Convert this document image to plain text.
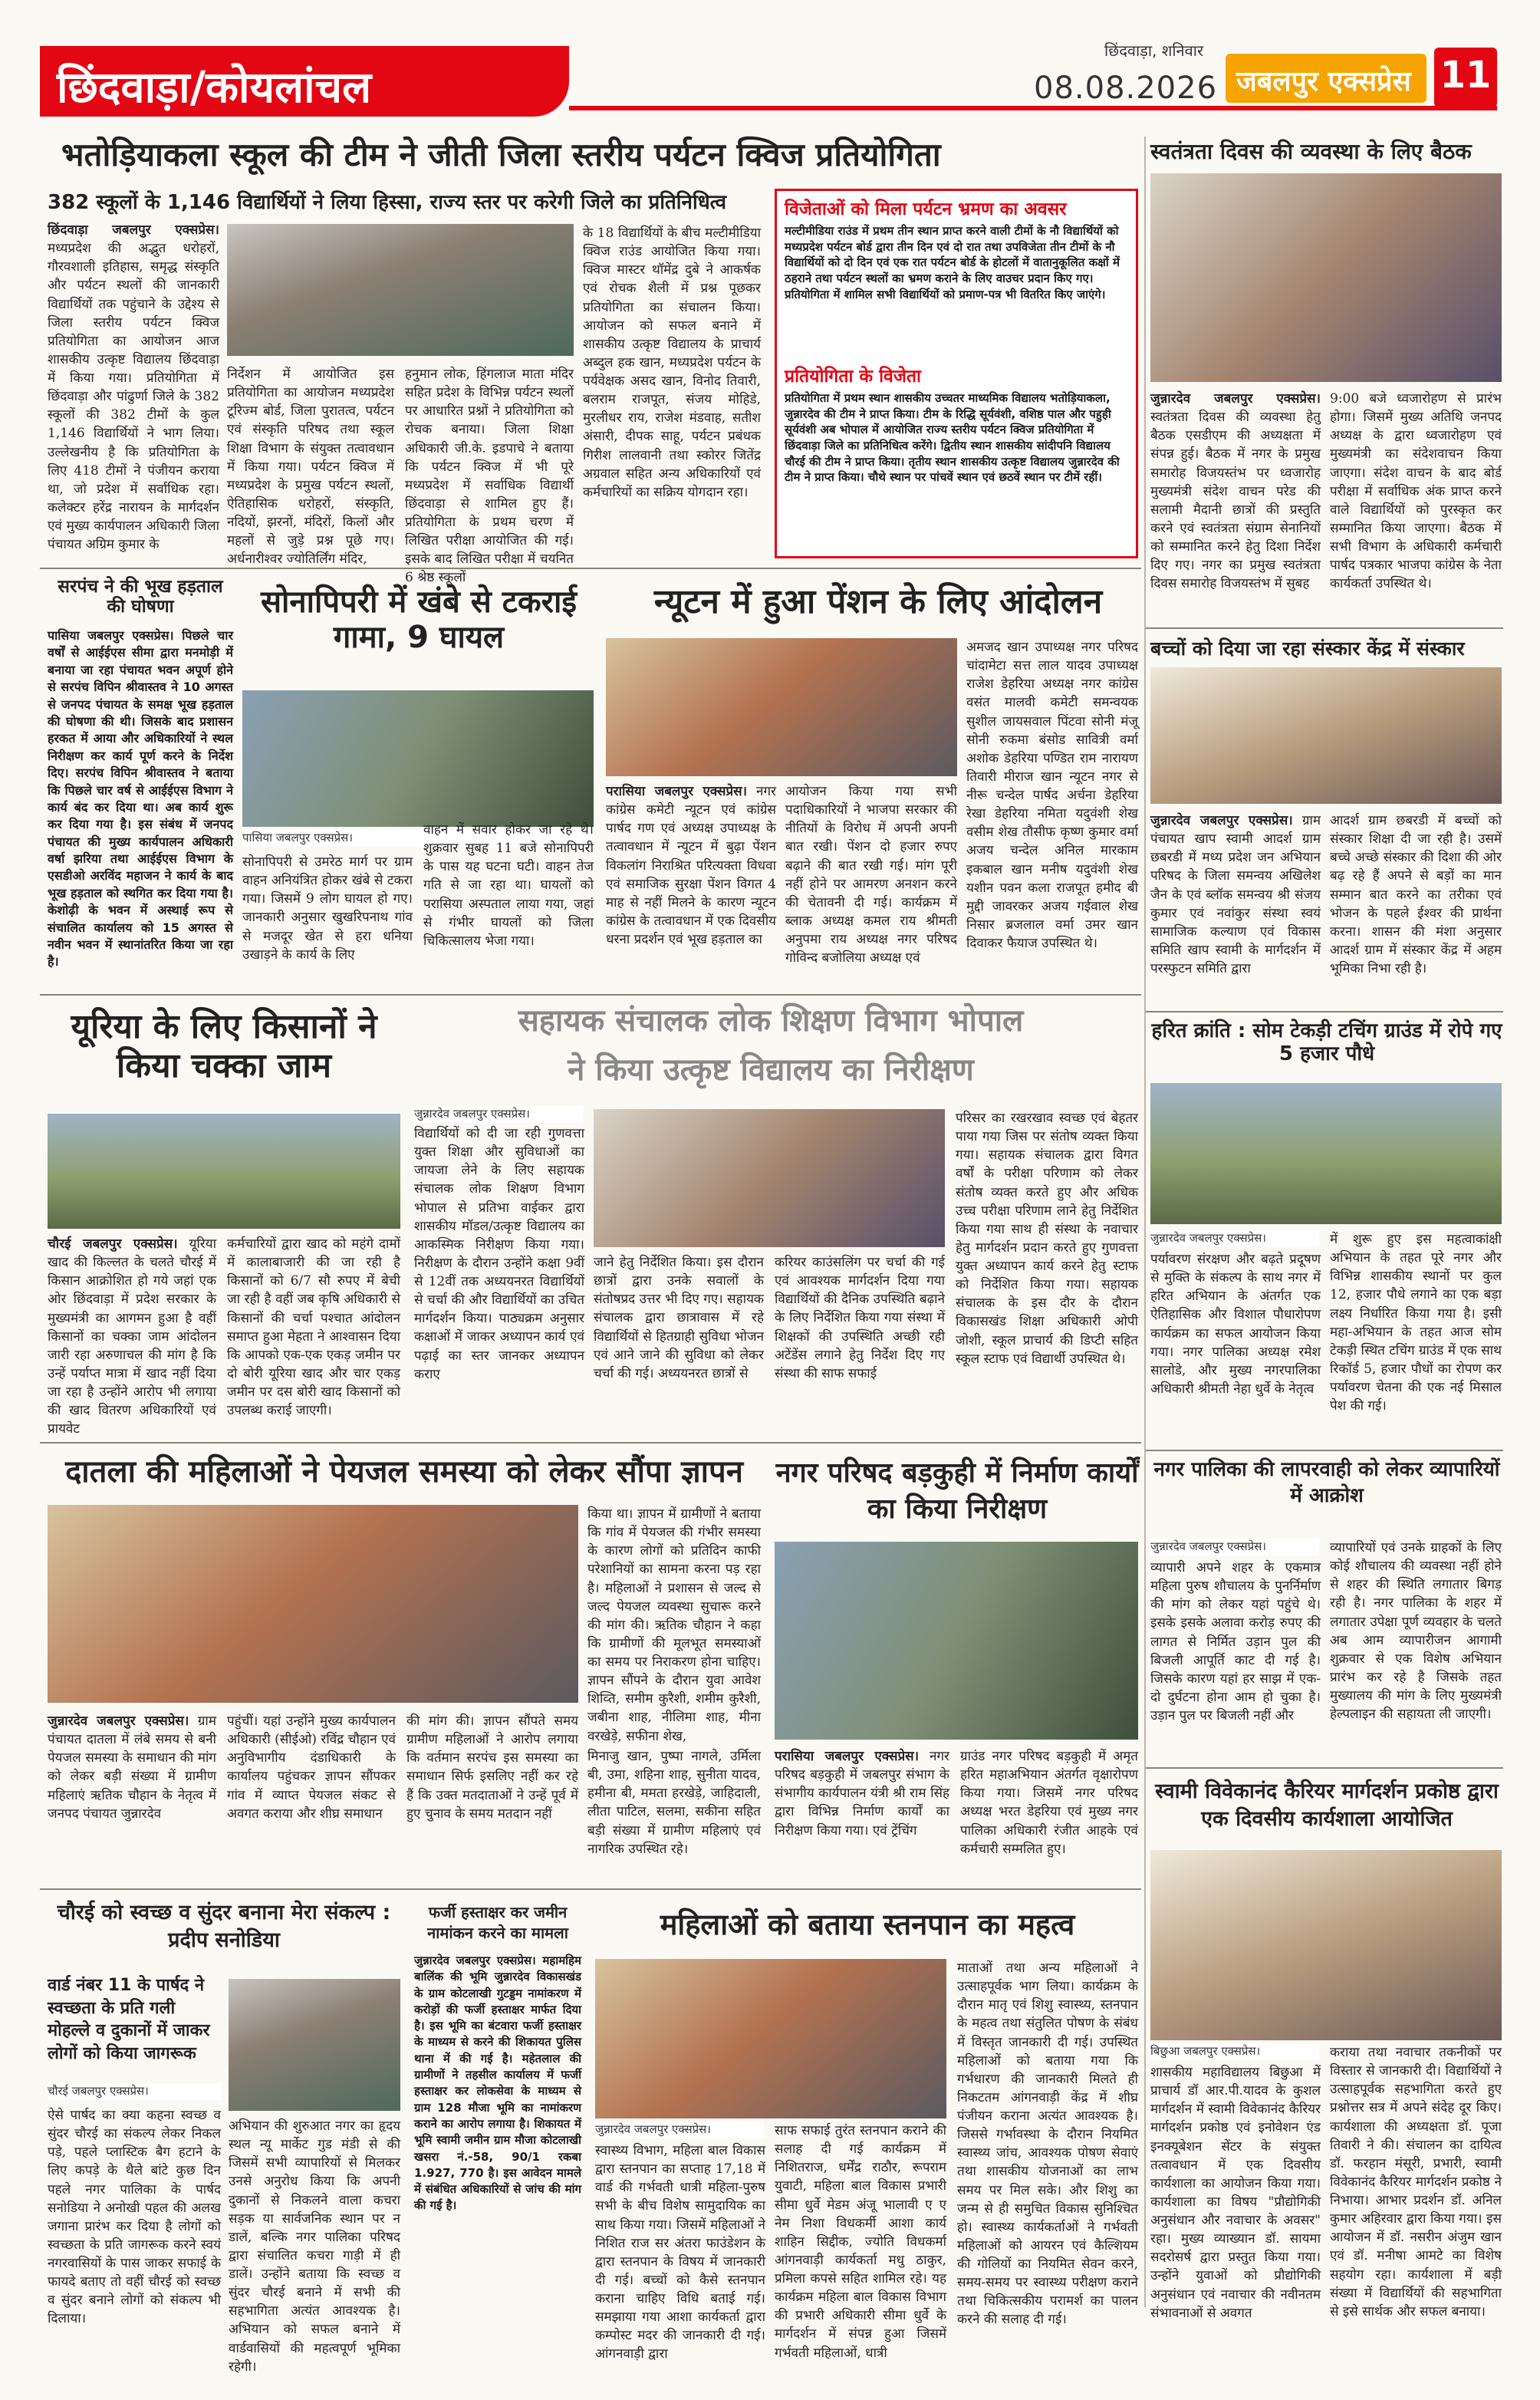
छिंदवाड़ा/कोयलांचल
छिंदवाड़ा, शनिवार
08.08.2026 जबलपुर एक्सप्रेस 11
भतोड़ियाकला स्कूल की टीम ने जीती जिला स्तरीय पर्यटन क्विज प्रतियोगिता
382 स्कूलों के 1,146 विद्यार्थियों ने लिया हिस्सा, राज्य स्तर पर करेगी जिले का प्रतिनिधित्व
छिंदवाड़ा जबलपुर एक्सप्रेस। मध्यप्रदेश की अद्भुत धरोहरों, गौरवशाली इतिहास, समृद्ध संस्कृति और पर्यटन स्थलों की जानकारी विद्यार्थियों तक पहुंचाने के उद्देश्य से जिला स्तरीय पर्यटन क्विज प्रतियोगिता का आयोजन आज शासकीय उत्कृष्ट विद्यालय छिंदवाड़ा में किया गया। प्रतियोगिता में छिंदवाड़ा और पांढुर्णा जिले के 382 स्कूलों की 382 टीमों के कुल 1,146 विद्यार्थियों ने भाग लिया। उल्लेखनीय है कि प्रतियोगिता के लिए 418 टीमों ने पंजीयन कराया था, जो प्रदेश में सर्वाधिक रहा। कलेक्टर हरेंद्र नारायन के मार्गदर्शन एवं मुख्य कार्यपालन अधिकारी जिला पंचायत अग्रिम कुमार के
निर्देशन में आयोजित इस प्रतियोगिता का आयोजन मध्यप्रदेश टूरिज्म बोर्ड, जिला पुरातत्व, पर्यटन एवं संस्कृति परिषद तथा स्कूल शिक्षा विभाग के संयुक्त तत्वावधान में किया गया। पर्यटन क्विज में मध्यप्रदेश के प्रमुख पर्यटन स्थलों, ऐतिहासिक धरोहरों, संस्कृति, नदियों, झरनों, मंदिरों, किलों और महलों से जुड़े प्रश्न पूछे गए। अर्धनारीश्वर ज्योतिर्लिंग मंदिर,
हनुमान लोक, हिंगलाज माता मंदिर सहित प्रदेश के विभिन्न पर्यटन स्थलों पर आधारित प्रश्नों ने प्रतियोगिता को रोचक बनाया। जिला शिक्षा अधिकारी जी.के. इडपाचे ने बताया कि पर्यटन क्विज में भी पूरे मध्यप्रदेश में सर्वाधिक विद्यार्थी छिंदवाड़ा से शामिल हुए हैं। प्रतियोगिता के प्रथम चरण में लिखित परीक्षा आयोजित की गई। इसके बाद लिखित परीक्षा में चयनित 6 श्रेष्ठ स्कूलों
के 18 विद्यार्थियों के बीच मल्टीमीडिया क्विज राउंड आयोजित किया गया। क्विज मास्टर थॉमेंद्र दुबे ने आकर्षक एवं रोचक शैली में प्रश्न पूछकर प्रतियोगिता का संचालन किया। आयोजन को सफल बनाने में शासकीय उत्कृष्ट विद्यालय के प्राचार्य अब्दुल हक खान, मध्यप्रदेश पर्यटन के पर्यवेक्षक असद खान, विनोद तिवारी, बलराम राजपूत, संजय मोहिडे, मुरलीधर राय, राजेश मंडवाह, सतीश अंसारी, दीपक साहू, पर्यटन प्रबंधक गिरीश लालवानी तथा स्कोरर जितेंद्र अग्रवाल सहित अन्य अधिकारियों एवं कर्मचारियों का सक्रिय योगदान रहा।
विजेताओं को मिला पर्यटन भ्रमण का अवसर
मल्टीमीडिया राउंड में प्रथम तीन स्थान प्राप्त करने वाली टीमों के नौ विद्यार्थियों को मध्यप्रदेश पर्यटन बोर्ड द्वारा तीन दिन एवं दो रात तथा उपविजेता तीन टीमों के नौ विद्यार्थियों को दो दिन एवं एक रात पर्यटन बोर्ड के होटलों में वातानुकूलित कक्षों में ठहराने तथा पर्यटन स्थलों का भ्रमण कराने के लिए वाउचर प्रदान किए गए। प्रतियोगिता में शामिल सभी विद्यार्थियों को प्रमाण-पत्र भी वितरित किए जाएंगे।
प्रतियोगिता के विजेता
प्रतियोगिता में प्रथम स्थान शासकीय उच्चतर माध्यमिक विद्यालय भतोड़ियाकला, जुन्नारदेव की टीम ने प्राप्त किया। टीम के रिद्धि सूर्यवंशी, वशिष्ठ पाल और पहुही सूर्यवंशी अब भोपाल में आयोजित राज्य स्तरीय पर्यटन क्विज प्रतियोगिता में छिंदवाड़ा जिले का प्रतिनिधित्व करेंगे। द्वितीय स्थान शासकीय सांदीपनि विद्यालय चौरई की टीम ने प्राप्त किया। तृतीय स्थान शासकीय उत्कृष्ट विद्यालय जुन्नारदेव की टीम ने प्राप्त किया। चौथे स्थान पर पांचवें स्थान एवं छठवें स्थान पर टीमें रहीं।
स्वतंत्रता दिवस की व्यवस्था के लिए बैठक
जुन्नारदेव जबलपुर एक्सप्रेस। स्वतंत्रता दिवस की व्यवस्था हेतु बैठक एसडीएम की अध्यक्षता में संपन्न हुई। बैठक में नगर के प्रमुख समारोह विजयस्तंभ पर ध्वजारोह मुख्यमंत्री संदेश वाचन परेड की सलामी मैदानी छात्रों की प्रस्तुति करने एवं स्वतंत्रता संग्राम सेनानियों को सम्मानित करने हेतु दिशा निर्देश दिए गए। नगर का प्रमुख स्वतंत्रता दिवस समारोह विजयस्तंभ में सुबह
9:00 बजे ध्वजारोहण से प्रारंभ होगा। जिसमें मुख्य अतिथि जनपद अध्यक्ष के द्वारा ध्वजारोहण एवं मुख्यमंत्री का संदेशवाचन किया जाएगा। संदेश वाचन के बाद बोर्ड परीक्षा में सर्वाधिक अंक प्राप्त करने वाले विद्यार्थियों को पुरस्कृत कर सम्मानित किया जाएगा। बैठक में सभी विभाग के अधिकारी कर्मचारी पार्षद पत्रकार भाजपा कांग्रेस के नेता कार्यकर्ता उपस्थित थे।
सरपंच ने की भूख हड़ताल की घोषणा
पासिया जबलपुर एक्सप्रेस। पिछले चार वर्षों से आईईएस सीमा द्वारा मनमोड़ी में बनाया जा रहा पंचायत भवन अपूर्ण होने से सरपंच विपिन श्रीवास्तव ने 10 अगस्त से जनपद पंचायत के समक्ष भूख हड़ताल की घोषणा की थी। जिसके बाद प्रशासन हरकत में आया और अधिकारियों ने स्थल निरीक्षण कर कार्य पूर्ण करने के निर्देश दिए। सरपंच विपिन श्रीवास्तव ने बताया कि पिछले चार वर्ष से आईईएस विभाग ने कार्य बंद कर दिया था। अब कार्य शुरू कर दिया गया है। इस संबंध में जनपद पंचायत की मुख्य कार्यपालन अधिकारी वर्षा झरिया तथा आईईएस विभाग के एसडीओ अरविंद महाजन ने कार्य के बाद भूख हड़ताल को स्थगित कर दिया गया है। केशोढ़ी के भवन में अस्थाई रूप से संचालित कार्यालय को 15 अगस्त से नवीन भवन में स्थानांतरित किया जा रहा है।
सोनापिपरी में खंबे से टकराई गामा, 9 घायल
पासिया जबलपुर एक्सप्रेस।
सोनापिपरी से उमरेठ मार्ग पर ग्राम वाहन अनियंत्रित होकर खंबे से टकरा गया। जिसमें 9 लोग घायल हो गए। जानकारी अनुसार खुखरिपनाथ गांव से मजदूर खेत से हरा धनिया उखाड़ने के कार्य के लिए
वाहन में सवार होकर जा रहे थे। शुक्रवार सुबह 11 बजे सोनापिपरी के पास यह घटना घटी। वाहन तेज गति से जा रहा था। घायलों को परासिया अस्पताल लाया गया, जहां से गंभीर घायलों को जिला चिकित्सालय भेजा गया।
न्यूटन में हुआ पेंशन के लिए आंदोलन
परासिया जबलपुर एक्सप्रेस। नगर कांग्रेस कमेटी न्यूटन एवं कांग्रेस पार्षद गण एवं अध्यक्ष उपाध्यक्ष के तत्वावधान में न्यूटन में बुढ़ा पेंशन विकलांग निराश्रित परित्यक्ता विधवा एवं समाजिक सुरक्षा पेंशन विगत 4 माह से नहीं मिलने के कारण न्यूटन कांग्रेस के तत्वावधान में एक दिवसीय धरना प्रदर्शन एवं भूख हड़ताल का
आयोजन किया गया सभी पदाधिकारियों ने भाजपा सरकार की नीतियों के विरोध में अपनी अपनी बात रखी। पेंशन दो हजार रुपए बढ़ाने की बात रखी गई। मांग पूरी नहीं होने पर आमरण अनशन करने की चेतावनी दी गई। कार्यक्रम में ब्लाक अध्यक्ष कमल राय श्रीमती अनुपमा राय अध्यक्ष नगर परिषद गोविन्द बजोलिया अध्यक्ष एवं
अमजद खान उपाध्यक्ष नगर परिषद चांदामेटा सत्त लाल यादव उपाध्यक्ष राजेश डेहरिया अध्यक्ष नगर कांग्रेस वसंत मालवी कमेटी समन्वयक सुशील जायसवाल पिंटवा सोनी मंजू सोनी रुकमा बंसोड सावित्री वर्मा अशोक डेहरिया पण्डित राम नारायण तिवारी मीराज खान न्यूटन नगर से नीरू चन्देल पार्षद अर्चना डेहरिया रेखा डेहरिया नमिता यदुवंशी शेख वसीम शेख तौसीफ कृष्ण कुमार वर्मा अजय चन्देल अनिल मारकाम इकबाल खान मनीष यदुवंशी शेख यशीन पवन कला राजपूत हमीद बी मुद्दी जावरकर अजय गईवाल शेख निसार ब्रजलाल वर्मा उमर खान दिवाकर फैयाज उपस्थित थे।
बच्चों को दिया जा रहा संस्कार केंद्र में संस्कार
जुन्नारदेव जबलपुर एक्सप्रेस। ग्राम पंचायत खाप स्वामी आदर्श ग्राम छबरडी में मध्य प्रदेश जन अभियान परिषद के जिला समन्वय अखिलेश जैन के एवं ब्लॉक समन्वय श्री संजय कुमार एवं नवांकुर संस्था स्वयं सामाजिक कल्याण एवं विकास समिति खाप स्वामी के मार्गदर्शन में परस्फुटन समिति द्वारा
आदर्श ग्राम छबरडी में बच्चों को संस्कार शिक्षा दी जा रही है। उसमें बच्चे अच्छे संस्कार की दिशा की ओर बढ़ रहे हैं अपने से बड़ों का मान सम्मान बात करने का तरीका एवं भोजन के पहले ईश्वर की प्रार्थना करना। शासन की मंशा अनुसार आदर्श ग्राम में संस्कार केंद्र में अहम भूमिका निभा रही है।
यूरिया के लिए किसानों ने किया चक्का जाम
चौरई जबलपुर एक्सप्रेस। यूरिया खाद की किल्लत के चलते चौरई में किसान आक्रोशित हो गये जहां एक ओर छिंदवाड़ा में प्रदेश सरकार के मुख्यमंत्री का आगमन हुआ है वहीं किसानों का चक्का जाम आंदोलन जारी रहा अरुणाचल की मांग है कि उन्हें पर्याप्त मात्रा में खाद नहीं दिया जा रहा है उन्होंने आरोप भी लगाया की खाद वितरण अधिकारियों एवं प्रायवेट
कर्मचारियों द्वारा खाद को महंगे दामों में कालाबाजारी की जा रही है किसानों को 6/7 सौ रुपए में बेची जा रही है वहीं जब कृषि अधिकारी से किसानों की चर्चा पश्चात आंदोलन समाप्त हुआ मेहता ने आश्वासन दिया कि आपको एक-एक एकड़ जमीन पर दो बोरी यूरिया खाद और चार एकड़ जमीन पर दस बोरी खाद किसानों को उपलब्ध कराई जाएगी।
सहायक संचालक लोक शिक्षण विभाग भोपाल
ने किया उत्कृष्ट विद्यालय का निरीक्षण
जुन्नारदेव जबलपुर एक्सप्रेस।
विद्यार्थियों को दी जा रही गुणवत्ता युक्त शिक्षा और सुविधाओं का जायजा लेने के लिए सहायक संचालक लोक शिक्षण विभाग भोपाल से प्रतिभा वाईकर द्वारा शासकीय मॉडल/उत्कृष्ट विद्यालय का आकस्मिक निरीक्षण किया गया। निरीक्षण के दौरान उन्होंने कक्षा 9वीं से 12वीं तक अध्ययनरत विद्यार्थियों से चर्चा की और विद्यार्थियों का उचित मार्गदर्शन किया। पाठ्यक्रम अनुसार कक्षाओं में जाकर अध्यापन कार्य एवं पढ़ाई का स्तर जानकर अध्यापन कराए
जाने हेतु निर्देशित किया। इस दौरान छात्रों द्वारा उनके सवालों के संतोषप्रद उत्तर भी दिए गए। सहायक संचालक द्वारा छात्रावास में रहे विद्यार्थियों से हितग्राही सुविधा भोजन एवं आने जाने की सुविधा को लेकर चर्चा की गई। अध्ययनरत छात्रों से
करियर काउंसलिंग पर चर्चा की गई एवं आवश्यक मार्गदर्शन दिया गया विद्यार्थियों की दैनिक उपस्थिति बढ़ाने के लिए निर्देशित किया गया संस्था में शिक्षकों की उपस्थिति अच्छी रही अटेंडेंस लगाने हेतु निर्देश दिए गए संस्था की साफ सफाई
परिसर का रखरखाव स्वच्छ एवं बेहतर पाया गया जिस पर संतोष व्यक्त किया गया। सहायक संचालक द्वारा विगत वर्षों के परीक्षा परिणाम को लेकर संतोष व्यक्त करते हुए और अधिक उच्च परीक्षा परिणाम लाने हेतु निर्देशित किया गया साथ ही संस्था के नवाचार हेतु मार्गदर्शन प्रदान करते हुए गुणवत्ता युक्त अध्यापन कार्य करने हेतु स्टाफ को निर्देशित किया गया। सहायक संचालक के इस दौर के दौरान विकासखंड शिक्षा अधिकारी ओपी जोशी, स्कूल प्राचार्य की डिप्टी सहित स्कूल स्टाफ एवं विद्यार्थी उपस्थित थे।
हरित क्रांति : सोम टेकड़ी टचिंग ग्राउंड में रोपे गए 5 हजार पौधे
जुन्नारदेव जबलपुर एक्सप्रेस।
पर्यावरण संरक्षण और बढ़ते प्रदूषण से मुक्ति के संकल्प के साथ नगर में हरित अभियान के अंतर्गत एक ऐतिहासिक और विशाल पौधारोपण कार्यक्रम का सफल आयोजन किया गया। नगर पालिका अध्यक्ष रमेश सालोडे, और मुख्य नगरपालिका अधिकारी श्रीमती नेहा धुर्वे के नेतृत्व
में शुरू हुए इस महत्वाकांक्षी अभियान के तहत पूरे नगर और विभिन्न शासकीय स्थानों पर कुल 12, हजार पौधे लगाने का एक बड़ा लक्ष्य निर्धारित किया गया है। इसी महा-अभियान के तहत आज सोम टेकड़ी स्थित टचिंग ग्राउंड में एक साथ रिकॉर्ड 5, हजार पौधों का रोपण कर पर्यावरण चेतना की एक नई मिसाल पेश की गई।
दातला की महिलाओं ने पेयजल समस्या को लेकर सौंपा ज्ञापन
जुन्नारदेव जबलपुर एक्सप्रेस। ग्राम पंचायत दातला में लंबे समय से बनी पेयजल समस्या के समाधान की मांग को लेकर बड़ी संख्या में ग्रामीण महिलाएं ऋतिक चौहान के नेतृत्व में जनपद पंचायत जुन्नारदेव
पहुंचीं। यहां उन्होंने मुख्य कार्यपालन अधिकारी (सीईओ) रविंद्र चौहान एवं अनुविभागीय दंडाधिकारी के कार्यालय पहुंचकर ज्ञापन सौंपकर गांव में व्याप्त पेयजल संकट से अवगत कराया और शीघ्र समाधान
की मांग की। ज्ञापन सौंपते समय ग्रामीण महिलाओं ने आरोप लगाया कि वर्तमान सरपंच इस समस्या का समाधान सिर्फ इसलिए नहीं कर रहे हैं कि उक्त मतदाताओं ने उन्हें पूर्व में हुए चुनाव के समय मतदान नहीं
किया था। ज्ञापन में ग्रामीणों ने बताया कि गांव में पेयजल की गंभीर समस्या के कारण लोगों को प्रतिदिन काफी परेशानियों का सामना करना पड़ रहा है। महिलाओं ने प्रशासन से जल्द से जल्द पेयजल व्यवस्था सुचारू करने की मांग की। ऋतिक चौहान ने कहा कि ग्रामीणों की मूलभूत समस्याओं का समय पर निराकरण होना चाहिए। ज्ञापन सौंपने के दौरान युवा आवेश शिव्ति, समीम कुरैशी, शमीम कुरैशी, जबीना शाह, नीलिमा शाह, मीना वरखेड़े, सफीना शेख,
मिनाजु खान, पुष्पा नागले, उर्मिला बी, उमा, शहिना शाह, सुनीता यादव, हमीना बी, ममता हरखेड़े, जाहिदाली, लीता पाटिल, सलमा, सकीना सहित बड़ी संख्या में ग्रामीण महिलाएं एवं नागरिक उपस्थित रहे।
नगर परिषद बड़कुही में निर्माण कार्यों का किया निरीक्षण
परासिया जबलपुर एक्सप्रेस। नगर परिषद बड़कुही में जबलपुर संभाग के संभागीय कार्यपालन यंत्री श्री राम सिंह द्वारा विभिन्न निर्माण कार्यों का निरीक्षण किया गया। एवं ट्रेंचिंग
ग्राउंड नगर परिषद बड़कुही में अमृत हरित महाअभियान अंतर्गत वृक्षारोपण किया गया। जिसमें नगर परिषद अध्यक्ष भरत डेहरिया एवं मुख्य नगर पालिका अधिकारी रंजीत आहके एवं कर्मचारी सम्मलित हुए।
नगर पालिका की लापरवाही को लेकर व्यापारियों में आक्रोश
जुन्नारदेव जबलपुर एक्सप्रेस।
व्यापारी अपने शहर के एकमात्र महिला पुरुष शौचालय के पुनर्निर्माण की मांग को लेकर यहां पहुंचे थे। इसके इसके अलावा करोड़ रुपए की लागत से निर्मित उड़ान पुल की बिजली आपूर्ति काट दी गई है। जिसके कारण यहां हर साझ में एक-दो दुर्घटना होना आम हो चुका है। उड़ान पुल पर बिजली नहीं और
व्यापारियों एवं उनके ग्राहकों के लिए कोई शौचालय की व्यवस्था नहीं होने से शहर की स्थिति लगातार बिगड़ रही है। नगर पालिका के शहर में लगातार उपेक्षा पूर्ण व्यवहार के चलते अब आम व्यापारीजन आगामी शुक्रवार से एक विशेष अभियान प्रारंभ कर रहे है जिसके तहत मुख्यालय की मांग के लिए मुख्यमंत्री हेल्पलाइन की सहायता ली जाएगी।
स्वामी विवेकानंद कैरियर मार्गदर्शन प्रकोष्ठ द्वारा एक दिवसीय कार्यशाला आयोजित
बिछुआ जबलपुर एक्सप्रेस।
शासकीय महाविद्यालय बिछुआ में प्राचार्य डॉ आर.पी.यादव के कुशल मार्गदर्शन में स्वामी विवेकानंद कैरियर मार्गदर्शन प्रकोष्ठ एवं इनोवेशन एंड इनक्यूबेशन सेंटर के संयुक्त तत्वावधान में एक दिवसीय कार्यशाला का आयोजन किया गया। कार्यशाला का विषय "प्रौद्योगिकी अनुसंधान और नवाचार के अवसर" रहा। मुख्य व्याख्यान डॉ. सायमा सदरोसर्ष द्वारा प्रस्तुत किया गया। उन्होंने युवाओं को प्रौद्योगिकी अनुसंधान एवं नवाचार की नवीनतम संभावनाओं से अवगत
कराया तथा नवाचार तकनीकों पर विस्तार से जानकारी दी। विद्यार्थियों ने उत्साहपूर्वक सहभागिता करते हुए प्रश्नोत्तर सत्र में अपने संदेह दूर किए। कार्यशाला की अध्यक्षता डॉ. पूजा तिवारी ने की। संचालन का दायित्व डॉ. फरहान मंसूरी, प्रभारी, स्वामी विवेकानंद कैरियर मार्गदर्शन प्रकोष्ठ ने निभाया। आभार प्रदर्शन डॉ. अनिल कुमार अहिरवार द्वारा किया गया। इस आयोजन में डॉ. नसरीन अंजुम खान एवं डॉ. मनीषा आमटे का विशेष सहयोग रहा। कार्यशाला में बड़ी संख्या में विद्यार्थियों की सहभागिता से इसे सार्थक और सफल बनाया।
चौरई को स्वच्छ व सुंदर बनाना मेरा संकल्प : प्रदीप सनोडिया
वार्ड नंबर 11 के पार्षद ने स्वच्छता के प्रति गली मोहल्ले व दुकानों में जाकर लोगों को किया जागरूक
चौरई जबलपुर एक्सप्रेस।
ऐसे पार्षद का क्या कहना स्वच्छ व सुंदर चौरई का संकल्प लेकर निकल पड़े, पहले प्लास्टिक बैग हटाने के लिए कपड़े के थैले बांटे कुछ दिन पहले नगर पालिका के पार्षद सनोडिया ने अनोखी पहल की अलख जगाना प्रारंभ कर दिया है लोगों को स्वच्छता के प्रति जागरूक करने स्वयं नगरवासियों के पास जाकर सफाई के फायदे बताए तो वहीं चौरई को स्वच्छ व सुंदर बनाने लोगों को संकल्प भी दिलाया।
अभियान की शुरुआत नगर का हृदय स्थल न्यू मार्केट गुड मंडी से की जिसमें सभी व्यापारियों से मिलकर उनसे अनुरोध किया कि अपनी दुकानों से निकलने वाला कचरा सड़क या सार्वजनिक स्थान पर न डालें, बल्कि नगर पालिका परिषद द्वारा संचालित कचरा गाड़ी में ही डालें। उन्होंने बताया कि स्वच्छ व सुंदर चौरई बनाने में सभी की सहभागिता अत्यंत आवश्यक है। अभियान को सफल बनाने में वार्डवासियों की महत्वपूर्ण भूमिका रहेगी।
फर्जी हस्ताक्षर कर जमीन नामांकन करने का मामला
जुन्नारदेव जबलपुर एक्सप्रेस। महामहिम बालिंक की भूमि जुन्नारदेव विकासखंड के ग्राम कोटलाखी गुटड्डम नामांकरण में करोड़ों की फर्जी हस्ताक्षर मार्फत दिया है। इस भूमि का बंटवारा फर्जी हस्ताक्षर के माध्यम से करने की शिकायत पुलिस थाना में की गई है। महेतलाल की ग्रामीणों ने तहसील कार्यालय में फर्जी हस्ताक्षर कर लोकसेवा के माध्यम से ग्राम 128 मौजा भूमि का नामांकरण कराने का आरोप लगाया है। शिकायत में भूमि स्वामी जमीन ग्राम मौजा कोटलाखी खसरा नं.-58, 90/1 रकबा 1.927, 770 है। इस आवेदन मामले में संबंधित अधिकारियों से जांच की मांग की गई है।
महिलाओं को बताया स्तनपान का महत्व
जुन्नारदेव जबलपुर एक्सप्रेस।
स्वास्थ्य विभाग, महिला बाल विकास द्वारा स्तनपान का सप्ताह 17,18 में वार्ड की गर्भवती धात्री महिला-पुरुष सभी के बीच विशेष सामुदायिक का साथ किया गया। जिसमें महिलाओं ने निशित राज सर अंतरा फाउंडेशन के द्वारा स्तनपान के विषय में जानकारी दी गई। बच्चों को कैसे स्तनपान कराना चाहिए विधि बताई गई। समझाया गया आशा कार्यकर्ता द्वारा कम्पोस्ट मदर की जानकारी दी गई। आंगनवाड़ी द्वारा
साफ सफाई तुरंत स्तनपान कराने की सलाह दी गई कार्यक्रम में निशितराज, धर्मेंद्र राठौर, रूपराम युवाटी, महिला बाल विकास प्रभारी सीमा धुर्वे मेडम अंजू भालावी ए ए नेम निशा विधकर्मी आशा कार्य शाहिन सिद्दीक, ज्योति विधकर्मा आंगनवाड़ी कार्यकर्ता मधु ठाकुर, प्रमिला कपसे सहित शामिल रहे। यह कार्यक्रम महिला बाल विकास विभाग की प्रभारी अधिकारी सीमा धुर्वे के मार्गदर्शन में संपन्न हुआ जिसमें गर्भवती महिलाओं, धात्री
माताओं तथा अन्य महिलाओं ने उत्साहपूर्वक भाग लिया। कार्यक्रम के दौरान मातृ एवं शिशु स्वास्थ्य, स्तनपान के महत्व तथा संतुलित पोषण के संबंध में विस्तृत जानकारी दी गई। उपस्थित महिलाओं को बताया गया कि गर्भधारण की जानकारी मिलते ही निकटतम आंगनवाड़ी केंद्र में शीघ्र पंजीयन कराना अत्यंत आवश्यक है। जिससे गर्भावस्था के दौरान नियमित स्वास्थ्य जांच, आवश्यक पोषण सेवाएं तथा शासकीय योजनाओं का लाभ समय पर मिल सके। और शिशु का जन्म से ही समुचित विकास सुनिश्चित हो। स्वास्थ्य कार्यकर्ताओं ने गर्भवती महिलाओं को आयरन एवं कैल्शियम की गोलियों का नियमित सेवन करने, समय-समय पर स्वास्थ्य परीक्षण कराने तथा चिकित्सकीय परामर्श का पालन करने की सलाह दी गई।
